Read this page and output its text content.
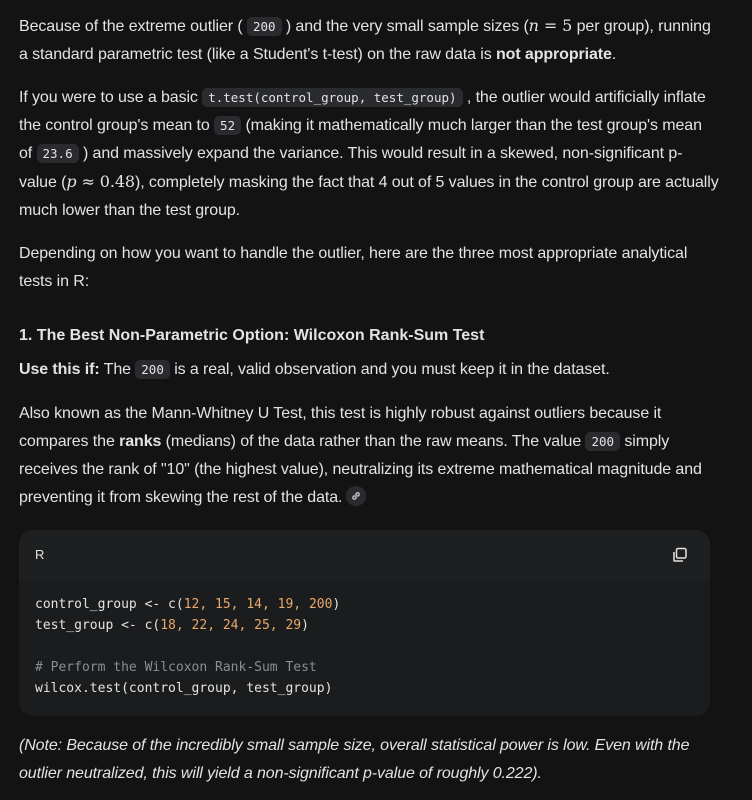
Because of the extreme outlier ( 200 ) and the very small sample sizes (n = 5 per group), running a standard parametric test (like a Student's t-test) on the raw data is not appropriate.

If you were to use a basic t.test(control_group, test_group) , the outlier would artificially inflate the control group's mean to 52 (making it mathematically much larger than the test group's mean of 23.6 ) and massively expand the variance. This would result in a skewed, non-significant p-value (p ≈ 0.48), completely masking the fact that 4 out of 5 values in the control group are actually much lower than the test group.

Depending on how you want to handle the outlier, here are the three most appropriate analytical tests in R:

1. The Best Non-Parametric Option: Wilcoxon Rank-Sum Test

Use this if: The 200 is a real, valid observation and you must keep it in the dataset.

Also known as the Mann-Whitney U Test, this test is highly robust against outliers because it compares the ranks (medians) of the data rather than the raw means. The value 200 simply receives the rank of "10" (the highest value), neutralizing its extreme mathematical magnitude and preventing it from skewing the rest of the data.

(Note: Because of the incredibly small sample size, overall statistical power is low. Even with the outlier neutralized, this will yield a non-significant p-value of roughly 0.222).

R
control_group <- c(12, 15, 14, 19, 200)
test_group <- c(18, 22, 24, 25, 29)

# Perform the Wilcoxon Rank-Sum Test
wilcox.test(control_group, test_group)
